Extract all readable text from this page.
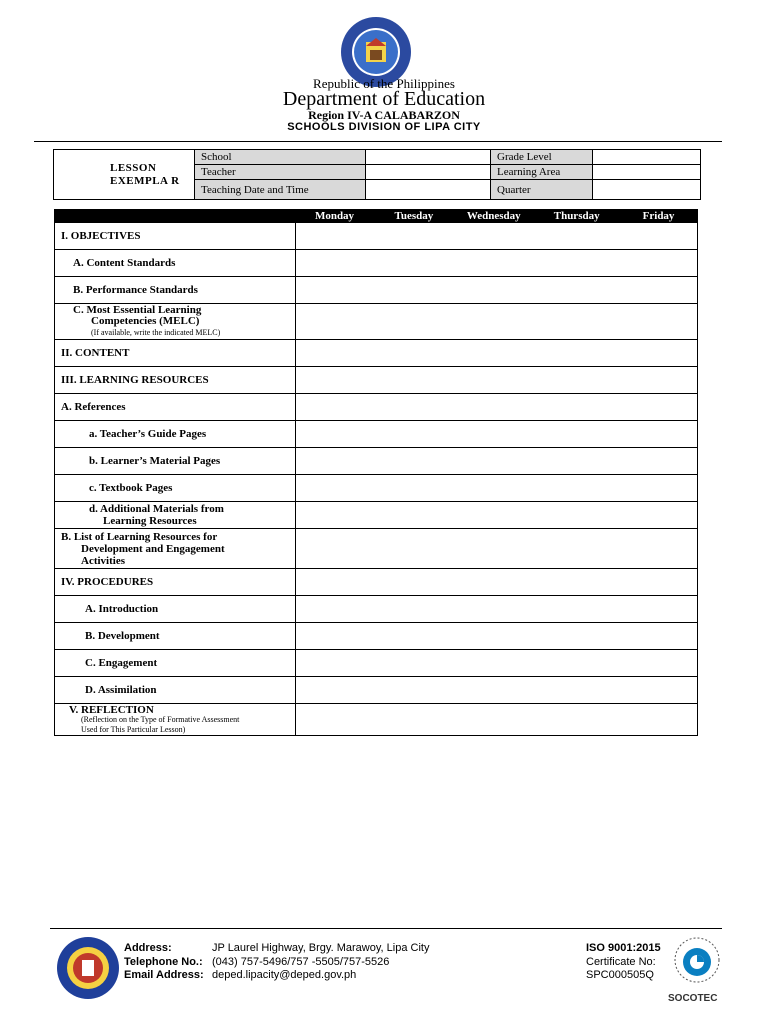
Republic of the Philippines
Department of Education
Region IV-A CALABARZON
SCHOOLS DIVISION OF LIPA CITY
LESSON EXEMPLA R	School		Grade Level	
	Teacher		Learning Area	
	Teaching Date and Time		Quarter	
	Monday	Tuesday	Wednesday	Thursday	Friday
I. OBJECTIVES					
A. Content Standards					
B. Performance Standards					

C. Most Essential Learning
Competencies (MELC)
(If available, write the indicated MELC)					

II. CONTENT					
III. LEARNING RESOURCES					
A. References					
a. Teacher’s Guide Pages					
b. Learner’s Material Pages					
c. Textbook Pages					

d. Additional Materials from
Learning Resources					

B. List of Learning Resources for
Development and Engagement
Activities					

IV. PROCEDURES					
A. Introduction					
B. Development					
C. Engagement					
D. Assimilation					

V. REFLECTION
(Reflection on the Type of Formative Assessment
Used for This Particular Lesson)					

Address:	JP Laurel Highway, Brgy. Marawoy, Lipa City
Telephone No.: (043) 757-5496/757 -5505/757-5526
Email Address: deped.lipacity@deped.gov.ph
ISO 9001:2015
Certificate No:
SPC000505Q
SOCOTEC
